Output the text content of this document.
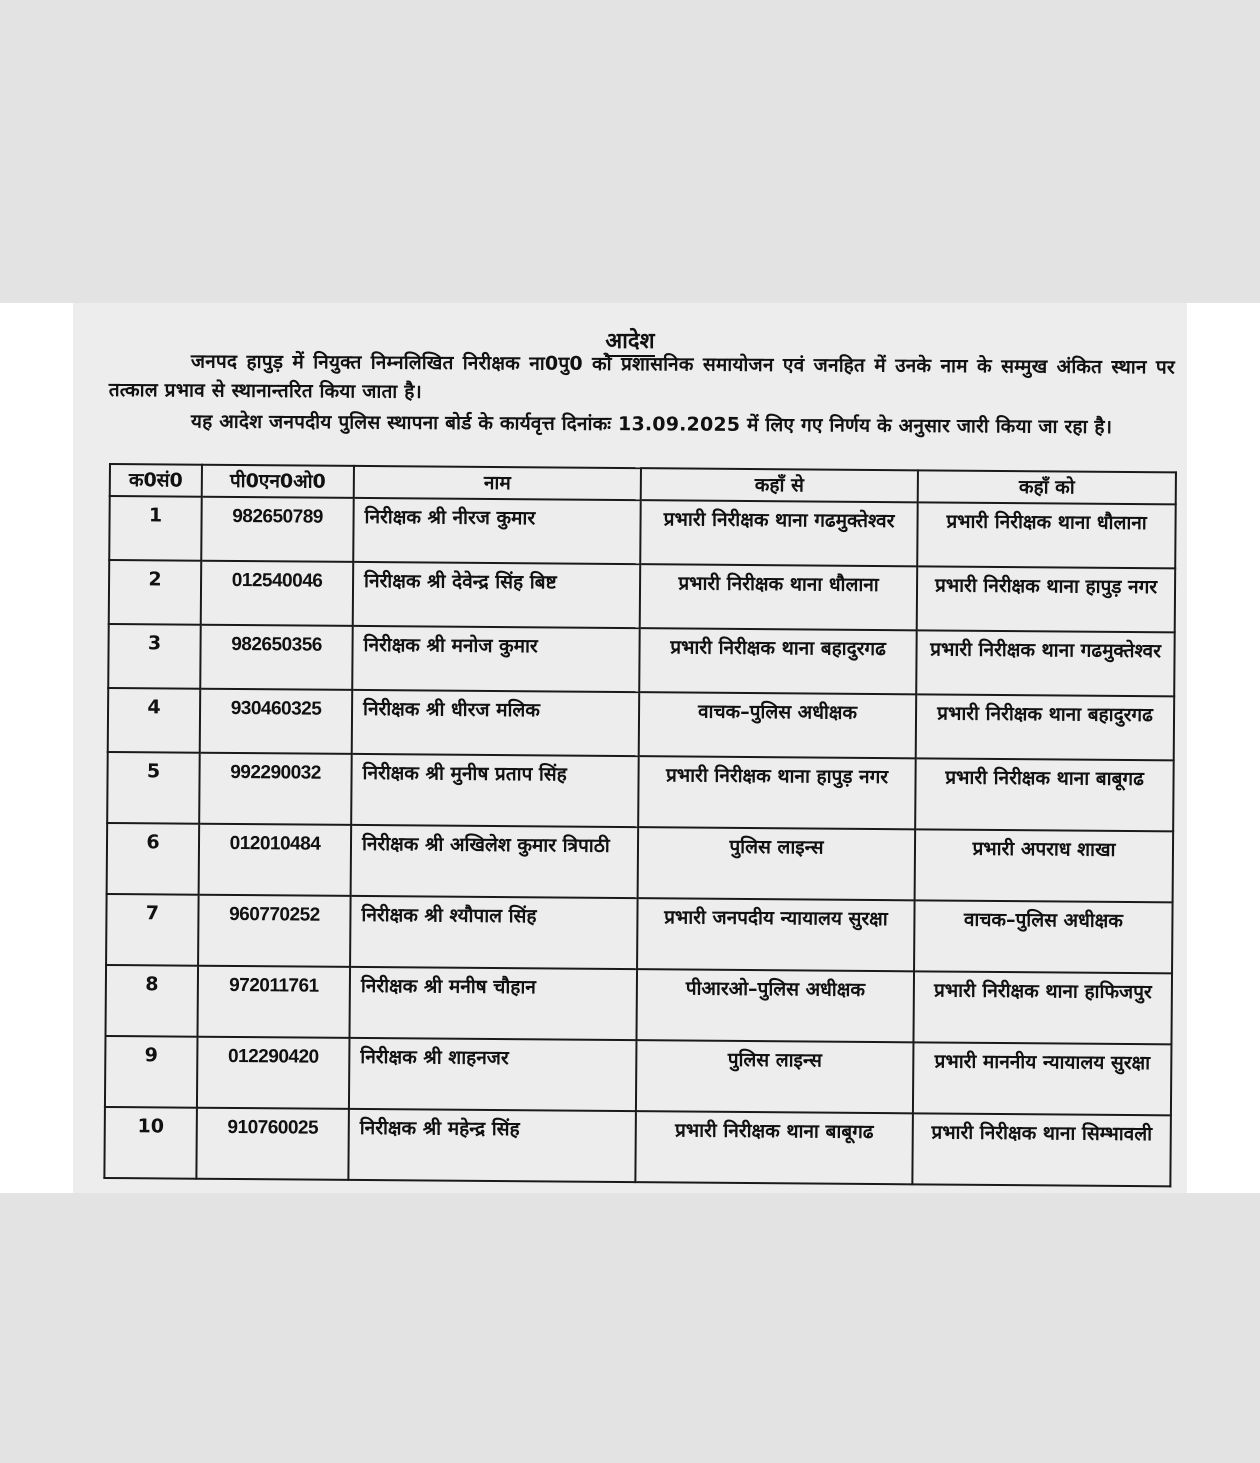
आदेश
जनपद हापुड़ में नियुक्त निम्नलिखित निरीक्षक ना0पु0 को प्रशासनिक समायोजन एवं जनहित में उनके नाम के सम्मुख अंकित स्थान पर तत्काल प्रभाव से स्थानान्तरित किया जाता है।
यह आदेश जनपदीय पुलिस स्थापना बोर्ड के कार्यवृत्त दिनांकः 13.09.2025 में लिए गए निर्णय के अनुसार जारी किया जा रहा है।
क0सं0	पी0एन0ओ0	नाम	कहाँ से	कहाँ को
1	982650789	निरीक्षक श्री नीरज कुमार	प्रभारी निरीक्षक थाना गढमुक्तेश्वर	प्रभारी निरीक्षक थाना धौलाना
2	012540046	निरीक्षक श्री देवेन्द्र सिंह बिष्ट	प्रभारी निरीक्षक थाना धौलाना	प्रभारी निरीक्षक थाना हापुड़ नगर
3	982650356	निरीक्षक श्री मनोज कुमार	प्रभारी निरीक्षक थाना बहादुरगढ	प्रभारी निरीक्षक थाना गढमुक्तेश्वर
4	930460325	निरीक्षक श्री धीरज मलिक	वाचक–पुलिस अधीक्षक	प्रभारी निरीक्षक थाना बहादुरगढ
5	992290032	निरीक्षक श्री मुनीष प्रताप सिंह	प्रभारी निरीक्षक थाना हापुड़ नगर	प्रभारी निरीक्षक थाना बाबूगढ
6	012010484	निरीक्षक श्री अखिलेश कुमार त्रिपाठी	पुलिस लाइन्स	प्रभारी अपराध शाखा
7	960770252	निरीक्षक श्री श्यौपाल सिंह	प्रभारी जनपदीय न्यायालय सुरक्षा	वाचक–पुलिस अधीक्षक
8	972011761	निरीक्षक श्री मनीष चौहान	पीआरओ–पुलिस अधीक्षक	प्रभारी निरीक्षक थाना हाफिजपुर
9	012290420	निरीक्षक श्री शाहनजर	पुलिस लाइन्स	प्रभारी माननीय न्यायालय सुरक्षा
10	910760025	निरीक्षक श्री महेन्द्र सिंह	प्रभारी निरीक्षक थाना बाबूगढ	प्रभारी निरीक्षक थाना सिम्भावली
